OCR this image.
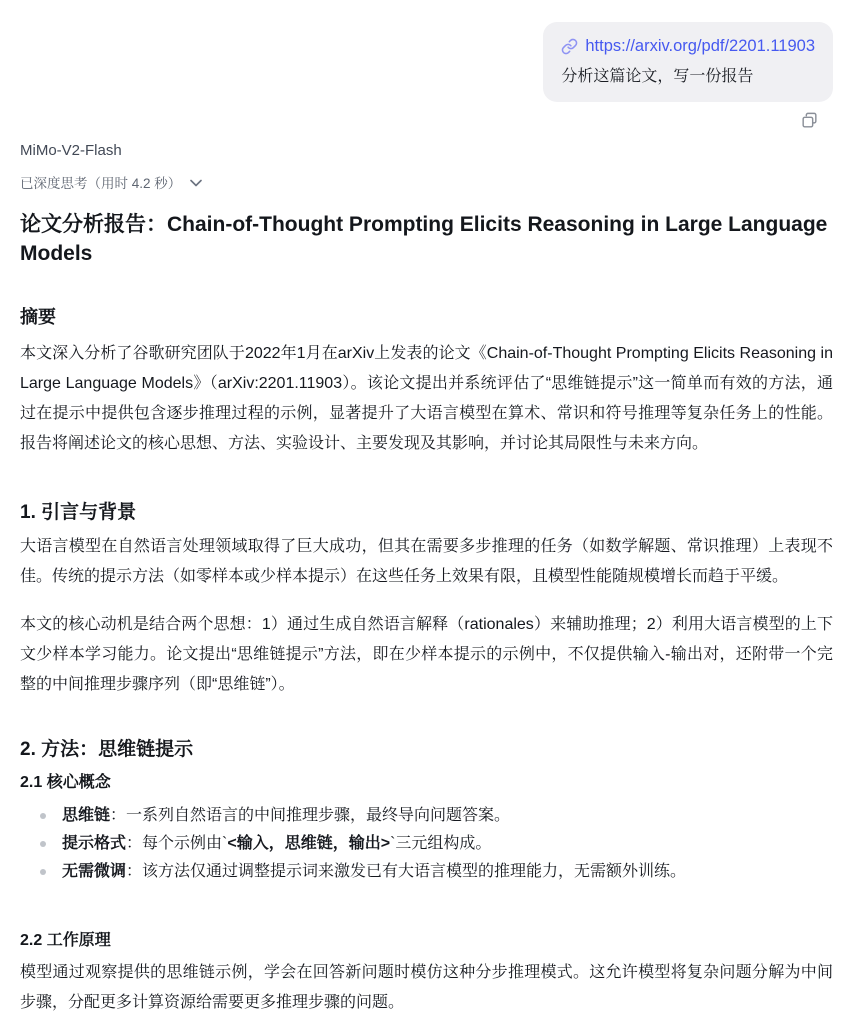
https://arxiv.org/pdf/2201.11903
分析这篇论文，写一份报告
MiMo-V2-Flash
已深度思考（用时 4.2 秒）
论文分析报告：Chain-of-Thought Prompting Elicits Reasoning in Large Language Models
摘要

本文深入分析了谷歌研究团队于2022年1月在arXiv上发表的论文《Chain-of-Thought Prompting Elicits Reasoning in Large Language Models》（arXiv:2201.11903）。该论文提出并系统评估了“思维链提示”这一简单而有效的方法，通过在提示中提供包含逐步推理过程的示例，显著提升了大语言模型在算术、常识和符号推理等复杂任务上的性能。报告将阐述论文的核心思想、方法、实验设计、主要发现及其影响，并讨论其局限性与未来方向。

1. 引言与背景

大语言模型在自然语言处理领域取得了巨大成功，但其在需要多步推理的任务（如数学解题、常识推理）上表现不佳。传统的提示方法（如零样本或少样本提示）在这些任务上效果有限，且模型性能随规模增长而趋于平缓。

本文的核心动机是结合两个思想：1）通过生成自然语言解释（rationales）来辅助推理；2）利用大语言模型的上下文少样本学习能力。论文提出“思维链提示”方法，即在少样本提示的示例中，不仅提供输入-输出对，还附带一个完整的中间推理步骤序列（即“思维链”）。

2. 方法：思维链提示
2.1 核心概念
思维链：一系列自然语言的中间推理步骤，最终导向问题答案。
提示格式：每个示例由`<输入，思维链，输出>`三元组构成。
无需微调：该方法仅通过调整提示词来激发已有大语言模型的推理能力，无需额外训练。
2.2 工作原理

模型通过观察提供的思维链示例，学会在回答新问题时模仿这种分步推理模式。这允许模型将复杂问题分解为中间步骤，分配更多计算资源给需要更多推理步骤的问题。
